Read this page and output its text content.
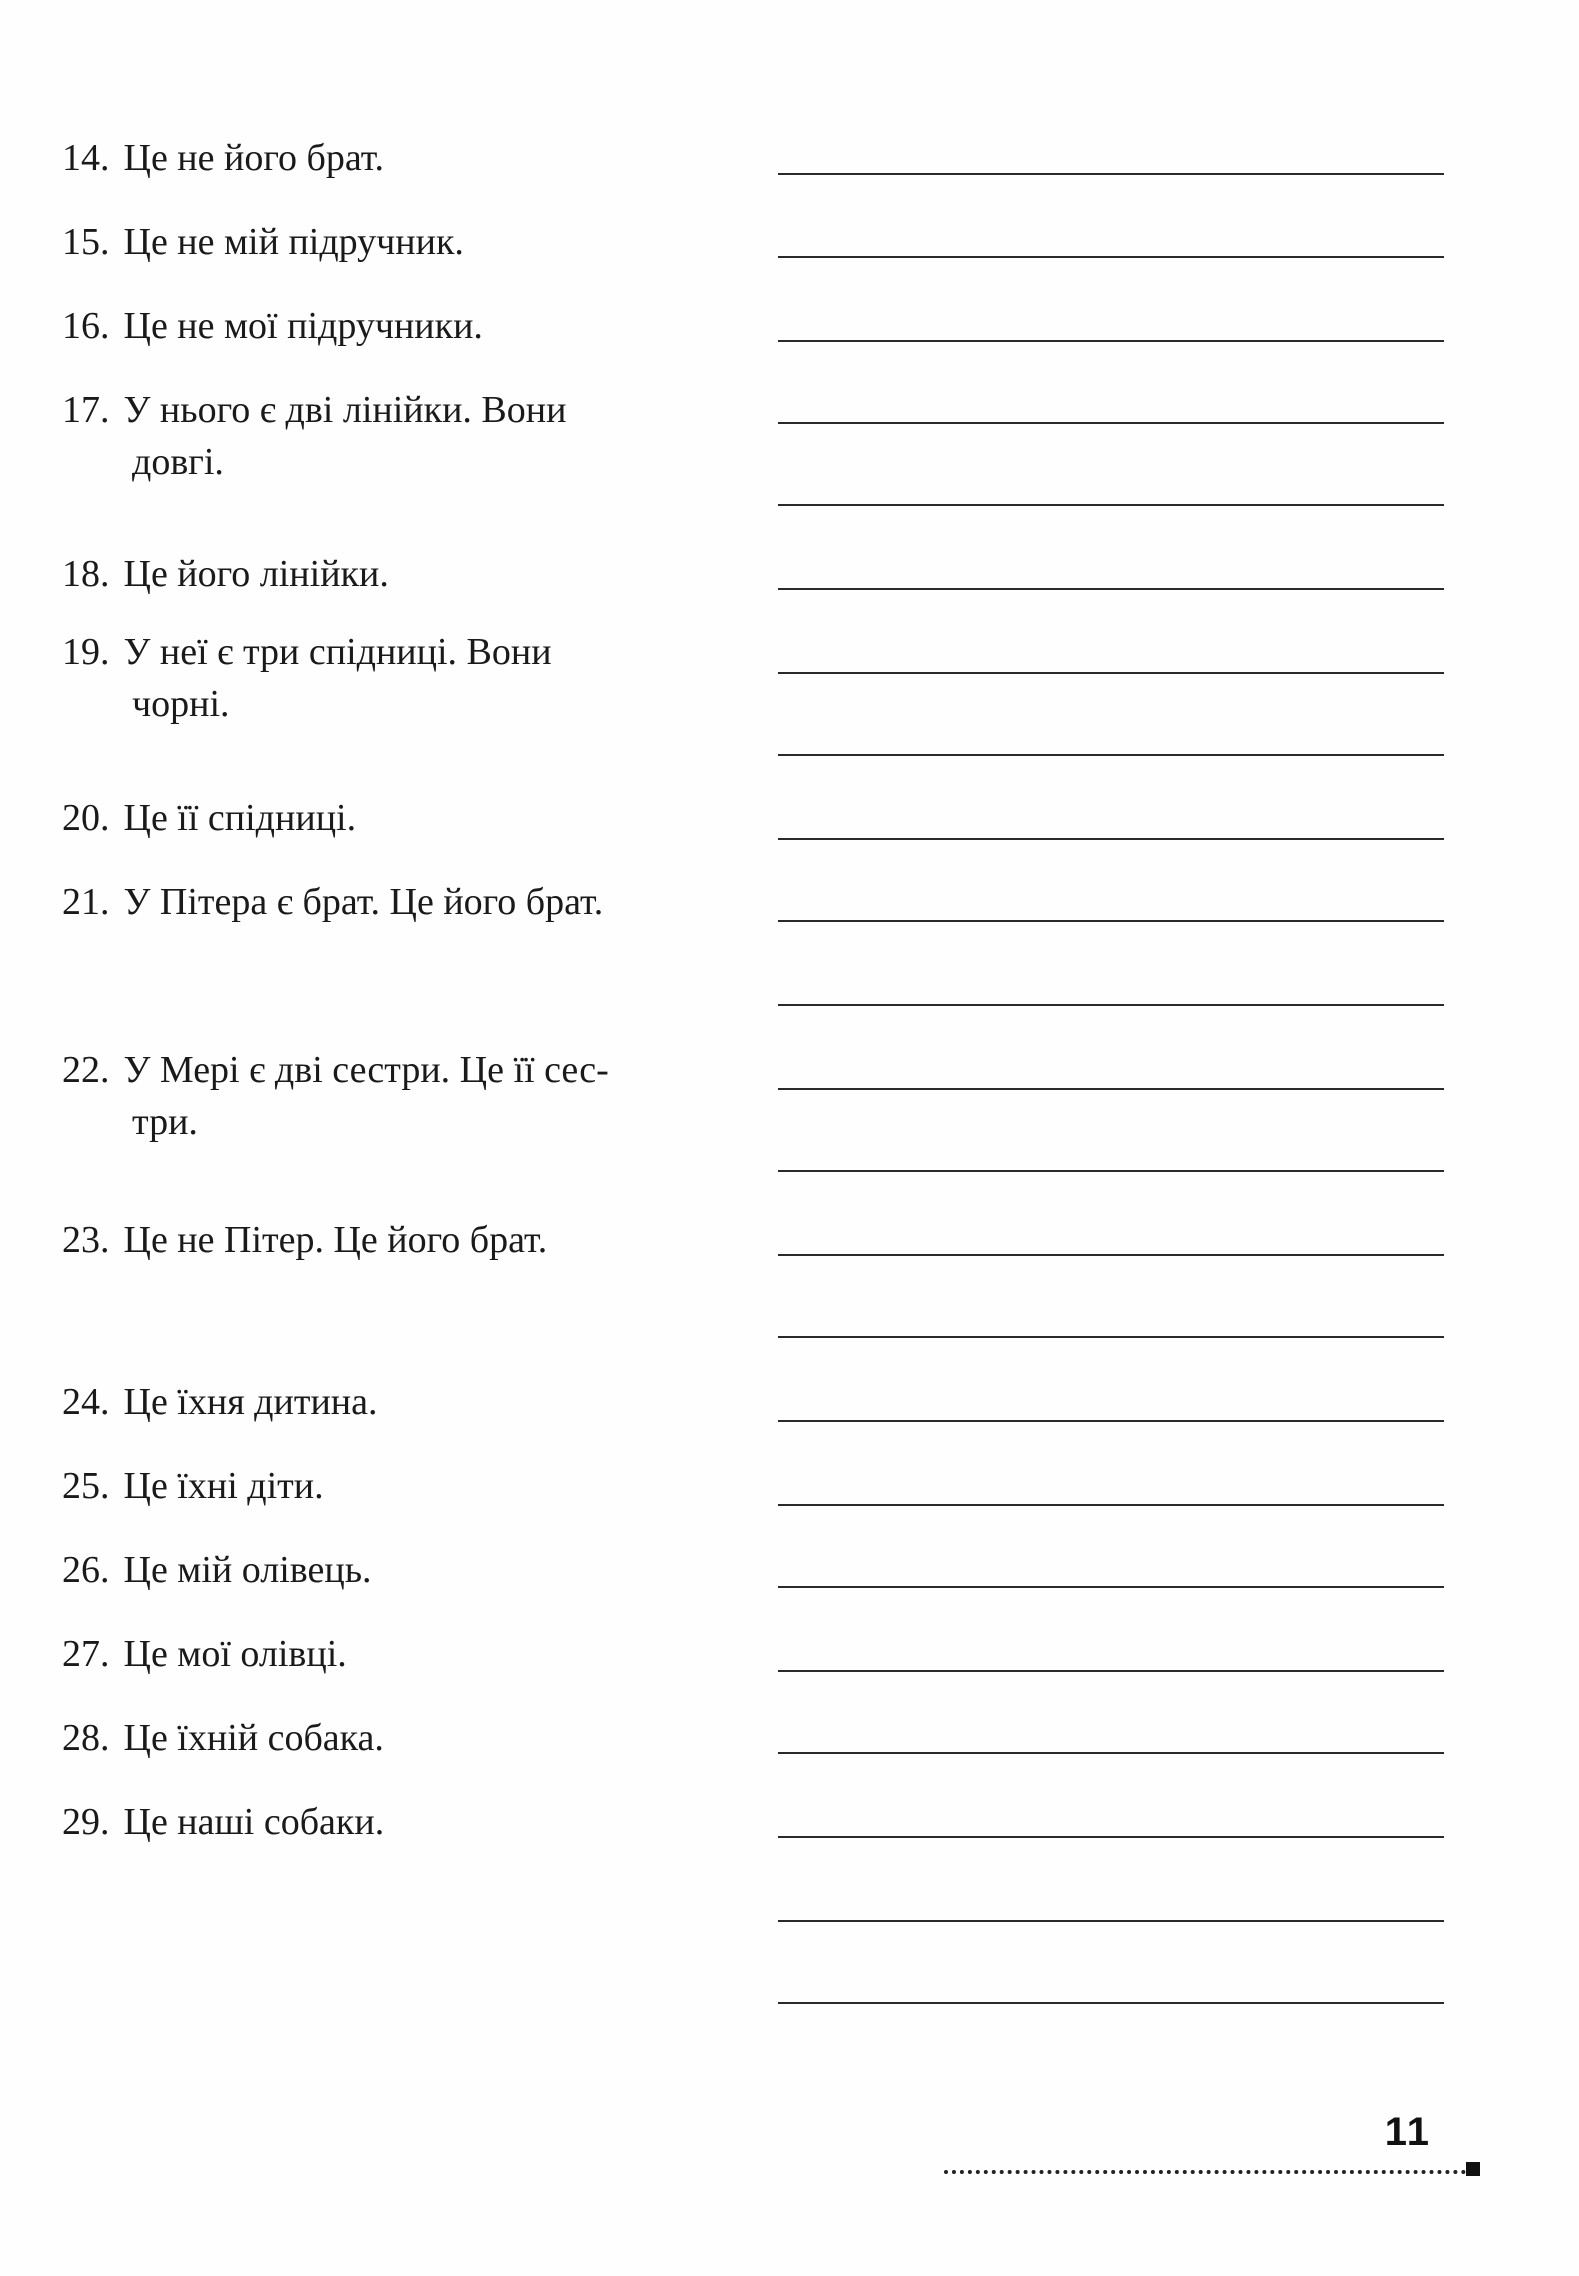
14. Це не його брат.
15. Це не мій підручник.
16. Це не мої підручники.
17. У нього є дві лінійки. Вони
довгі.
18. Це його лінійки.
19. У неї є три спідниці. Вони
чорні.
20. Це її спідниці.
21. У Пітера є брат. Це його брат.
22. У Мері є дві сестри. Це її сес-
три.
23. Це не Пітер. Це його брат.
24. Це їхня дитина.
25. Це їхні діти.
26. Це мій олівець.
27. Це мої олівці.
28. Це їхній собака.
29. Це наші собаки.
11
